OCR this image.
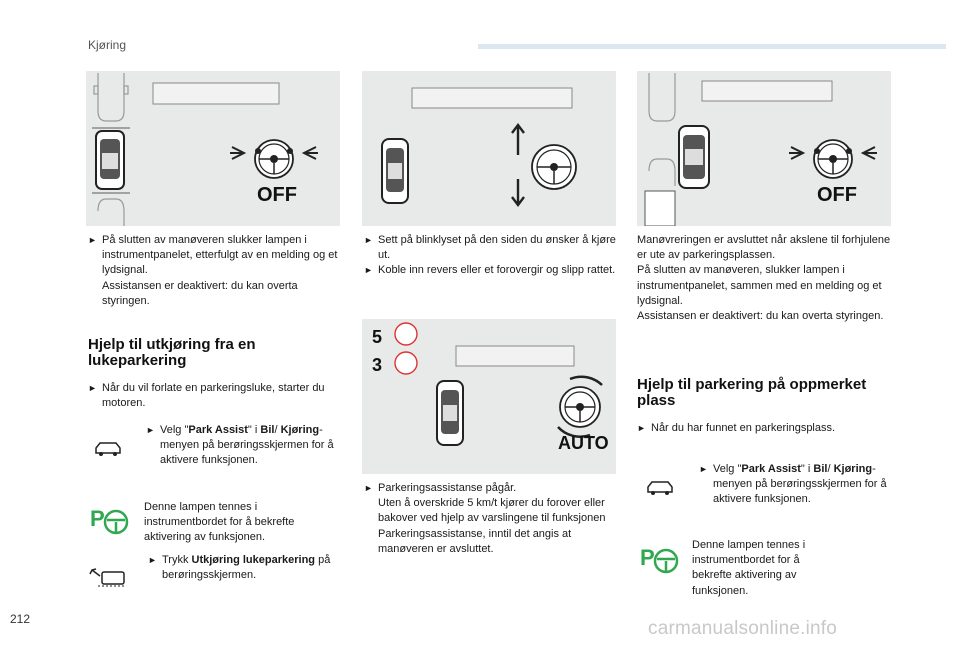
Kjøring
OFF
5
3
AUTO
OFF
► På slutten av manøveren slukker lampen i instrumentpanelet, etterfulgt av en melding og et lydsignal.
Assistansen er deaktivert: du kan overta styringen.
Hjelp til utkjøring fra en lukeparkering
► Når du vil forlate en parkeringsluke, starter du motoren.
► Velg "Park Assist" i Bil/ Kjøring-menyen på berøringsskjermen for å aktivere funksjonen.
P	Denne lampen tennes i instrumentbordet for å bekrefte aktivering av funksjonen.
► Trykk Utkjøring lukeparkering på berøringsskjermen.
► Sett på blinklyset på den siden du ønsker å kjøre ut.
► Koble inn revers eller et forovergir og slipp rattet.
► Parkeringsassistanse pågår.
Uten å overskride 5 km/t kjører du forover eller bakover ved hjelp av varslingene til funksjonen Parkeringsassistanse, inntil det angis at manøveren er avsluttet.
Manøvreringen er avsluttet når akslene til forhjulene er ute av parkeringsplassen.
På slutten av manøveren, slukker lampen i instrumentpanelet, sammen med en melding og et lydsignal.
Assistansen er deaktivert: du kan overta styringen.
Hjelp til parkering på oppmerket plass
► Når du har funnet en parkeringsplass.
► Velg "Park Assist" i Bil/ Kjøring-menyen på berøringsskjermen for å aktivere funksjonen.
P	Denne lampen tennes i instrumentbordet for å bekrefte aktivering av funksjonen.
212	carmanualsonline.info
